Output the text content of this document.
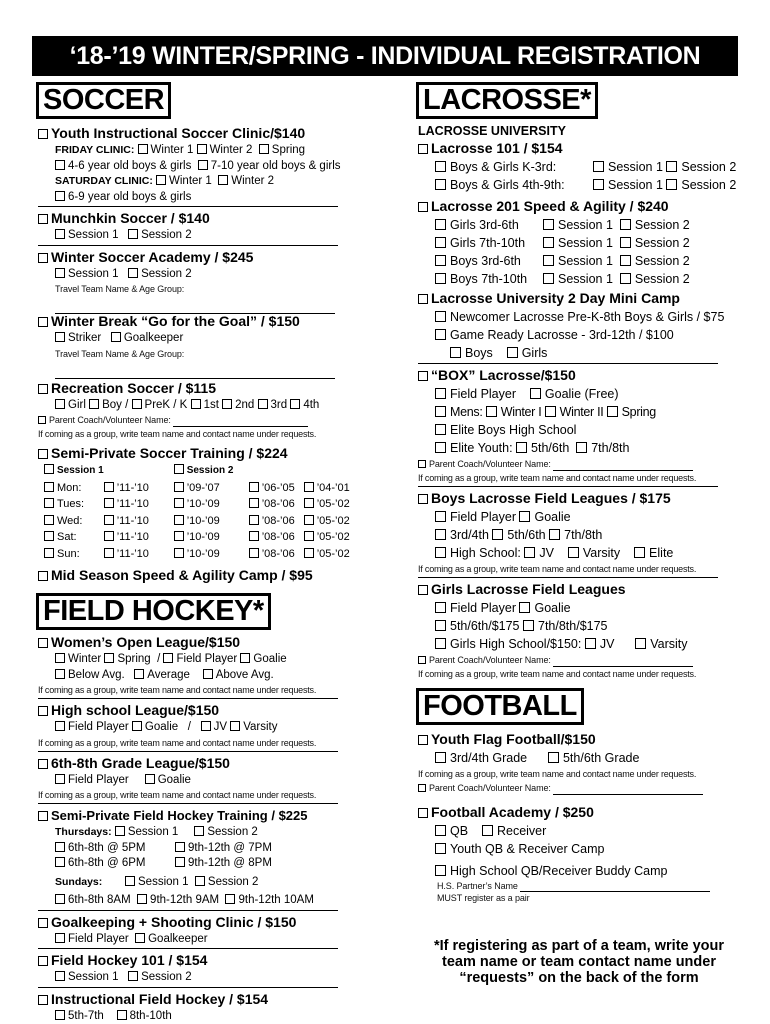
‘18-’19 WINTER/SPRING - INDIVIDUAL REGISTRATION
SOCCER
Youth Instructional Soccer Clinic/$140
FRIDAY CLINIC: Winter 1 Winter 2 Spring
4-6 year old boys & girls 7-10 year old boys & girls
SATURDAY CLINIC: Winter 1 Winter 2
6-9 year old boys & girls
Munchkin Soccer / $140
Session 1 Session 2
Winter Soccer Academy / $245
Session 1 Session 2
Travel Team Name & Age Group:
Winter Break “Go for the Goal” / $150
Striker Goalkeeper
Travel Team Name & Age Group:
Recreation Soccer / $115
Girl Boy / PreK / K 1st 2nd 3rd 4th
Parent Coach/Volunteer Name:
If coming as a group, write team name and contact name under requests.
Semi-Private Soccer Training / $224
Session 1		Session 2		
Mon:	’11-’10	’09-’07	’06-’05	’04-’01
Tues:	’11-’10	’10-’09	’08-’06	’05-’02
Wed:	’11-’10	’10-’09	’08-’06	’05-’02
Sat:	’11-’10	’10-’09	’08-’06	’05-’02
Sun:	’11-’10	’10-’09	’08-’06	’05-’02
Mid Season Speed & Agility Camp / $95
FIELD HOCKEY*
Women’s Open League/$150
Winter Spring / Field Player Goalie
Below Avg. Average Above Avg.
If coming as a group, write team name and contact name under requests.
High school League/$150
Field Player Goalie / JV Varsity
If coming as a group, write team name and contact name under requests.
6th-8th Grade League/$150
Field Player	Goalie
If coming as a group, write team name and contact name under requests.
Semi-Private Field Hockey Training / $225
Thursdays: Session 1	Session 2
6th-8th @ 5PM	9th-12th @ 7PM
6th-8th @ 6PM	9th-12th @ 8PM
Sundays:	Session 1 Session 2
6th-8th 8AM 9th-12th 9AM 9th-12th 10AM
Goalkeeping + Shooting Clinic / $150
Field Player Goalkeeper
Field Hockey 101 / $154
Session 1 Session 2
Instructional Field Hockey / $154
5th-7th 8th-10th
LACROSSE*
LACROSSE UNIVERSITY
Lacrosse 101 / $154
Boys & Girls K-3rd:	Session 1 Session 2
Boys & Girls 4th-9th:	Session 1 Session 2
Lacrosse 201 Speed & Agility / $240
Girls 3rd-6th	Session 1 Session 2
Girls 7th-10th	Session 1 Session 2
Boys 3rd-6th	Session 1 Session 2
Boys 7th-10th Session 1 Session 2
Lacrosse University 2 Day Mini Camp
Newcomer Lacrosse Pre-K-8th Boys & Girls / $75
Game Ready Lacrosse - 3rd-12th / $100
Boys Girls
“BOX” Lacrosse/$150
Field Player Goalie (Free)
Mens: Winter I Winter II Spring
Elite Boys High School
Elite Youth: 5th/6th 7th/8th
Parent Coach/Volunteer Name:
If coming as a group, write team name and contact name under requests.
Boys Lacrosse Field Leagues / $175
Field Player Goalie
3rd/4th 5th/6th 7th/8th
High School: JV Varsity Elite
If coming as a group, write team name and contact name under requests.
Girls Lacrosse Field Leagues
Field Player Goalie
5th/6th/$175 7th/8th/$175
Girls High School/$150: JV	Varsity
Parent Coach/Volunteer Name:
If coming as a group, write team name and contact name under requests.
FOOTBALL
Youth Flag Football/$150
3rd/4th Grade	5th/6th Grade
If coming as a group, write team name and contact name under requests.
Parent Coach/Volunteer Name:
Football Academy / $250
QB Receiver
Youth QB & Receiver Camp
High School QB/Receiver Buddy Camp
H.S. Partner’s Name
MUST register as a pair
*If registering as part of a team, write your team name or team contact name under “requests” on the back of the form
